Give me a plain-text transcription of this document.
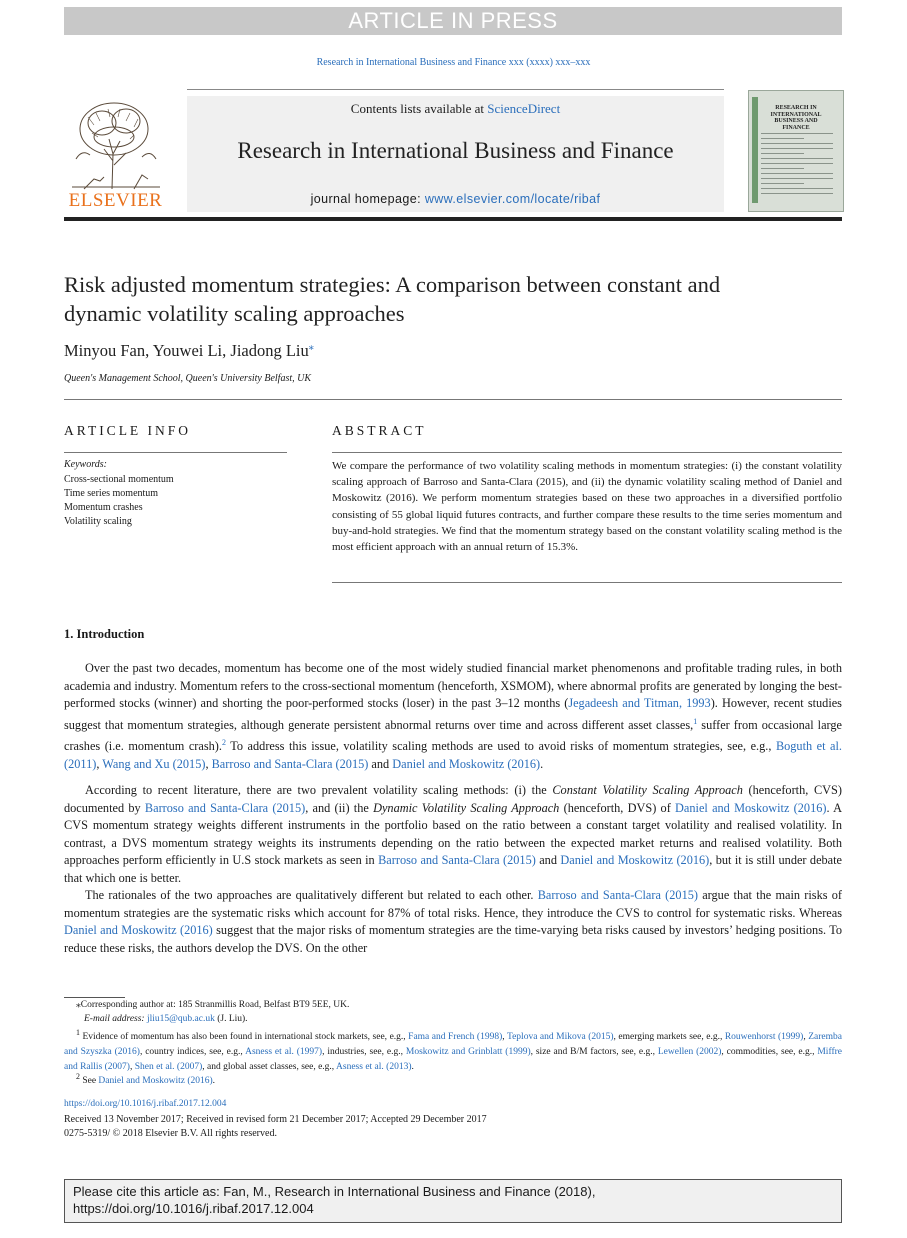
ARTICLE IN PRESS
Research in International Business and Finance xxx (xxxx) xxx–xxx
ELSEVIER
Contents lists available at ScienceDirect
Research in International Business and Finance
journal homepage: www.elsevier.com/locate/ribaf
RESEARCH IN INTERNATIONAL BUSINESS AND FINANCE
Risk adjusted momentum strategies: A comparison between constant and dynamic volatility scaling approaches
Minyou Fan, Youwei Li, Jiadong Liu⁎
Queen's Management School, Queen's University Belfast, UK
ARTICLE INFO
Keywords:
Cross-sectional momentum
Time series momentum
Momentum crashes
Volatility scaling
ABSTRACT
We compare the performance of two volatility scaling methods in momentum strategies: (i) the constant volatility scaling approach of Barroso and Santa-Clara (2015), and (ii) the dynamic volatility scaling method of Daniel and Moskowitz (2016). We perform momentum strategies based on these two approaches in a diversified portfolio consisting of 55 global liquid futures contracts, and further compare these results to the time series momentum and buy-and-hold strategies. We find that the momentum strategy based on the constant volatility scaling method is the most efficient approach with an annual return of 15.3%.
1. Introduction
Over the past two decades, momentum has become one of the most widely studied financial market phenomenons and profitable trading rules, in both academia and industry. Momentum refers to the cross-sectional momentum (henceforth, XSMOM), where abnormal profits are generated by longing the best-performed stocks (winner) and shorting the poor-performed stocks (loser) in the past 3–12 months (Jegadeesh and Titman, 1993). However, recent studies suggest that momentum strategies, although generate persistent abnormal returns over time and across different asset classes,$^1$ suffer from occasional large crashes (i.e. momentum crash).$^2$ To address this issue, volatility scaling methods are used to avoid risks of momentum strategies, see, e.g., Boguth et al. (2011), Wang and Xu (2015), Barroso and Santa-Clara (2015) and Daniel and Moskowitz (2016).
According to recent literature, there are two prevalent volatility scaling methods: (i) the Constant Volatility Scaling Approach (henceforth, CVS) documented by Barroso and Santa-Clara (2015), and (ii) the Dynamic Volatility Scaling Approach (henceforth, DVS) of Daniel and Moskowitz (2016). A CVS momentum strategy weights different instruments in the portfolio based on the ratio between a constant target volatility and realised volatility. In contrast, a DVS momentum strategy weights its instruments depending on the ratio between the expected market returns and realised volatility. Both approaches perform efficiently in U.S stock markets as seen in Barroso and Santa-Clara (2015) and Daniel and Moskowitz (2016), but it is still under debate that which one is better.
The rationales of the two approaches are qualitatively different but related to each other. Barroso and Santa-Clara (2015) argue that the main risks of momentum strategies are the systematic risks which account for 87% of total risks. Hence, they introduce the CVS to control for systematic risks. Whereas Daniel and Moskowitz (2016) suggest that the major risks of momentum strategies are the time-varying beta risks caused by investors’ hedging positions. To reduce these risks, the authors develop the DVS. On the other
⁎Corresponding author at: 185 Stranmillis Road, Belfast BT9 5EE, UK.
E-mail address: jliu15@qub.ac.uk (J. Liu).
$^1$ Evidence of momentum has also been found in international stock markets, see, e.g., Fama and French (1998), Teplova and Mikova (2015), emerging markets see, e.g., Rouwenhorst (1999), Zaremba and Szyszka (2016), country indices, see, e.g., Asness et al. (1997), industries, see, e.g., Moskowitz and Grinblatt (1999), size and B/M factors, see, e.g., Lewellen (2002), commodities, see, e.g., Miffre and Rallis (2007), Shen et al. (2007), and global asset classes, see, e.g., Asness et al. (2013).
$^2$ See Daniel and Moskowitz (2016).
https://doi.org/10.1016/j.ribaf.2017.12.004
Received 13 November 2017; Received in revised form 21 December 2017; Accepted 29 December 2017
0275-5319/ © 2018 Elsevier B.V. All rights reserved.
Please cite this article as: Fan, M., Research in International Business and Finance (2018),
https://doi.org/10.1016/j.ribaf.2017.12.004
